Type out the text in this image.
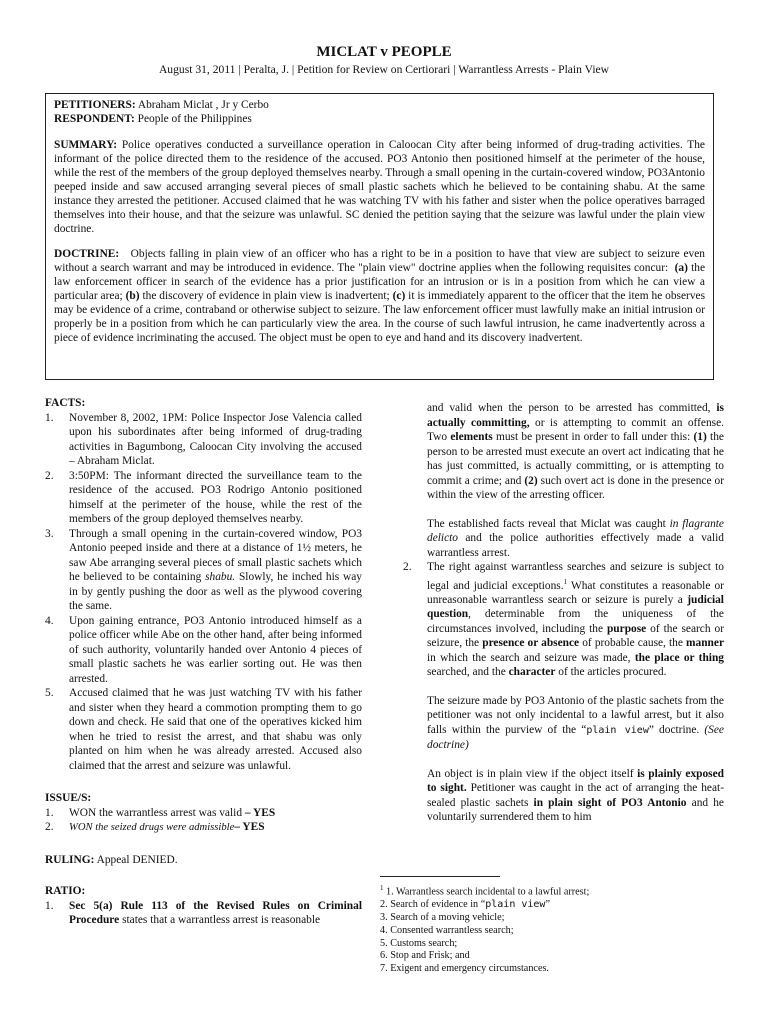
MICLAT v PEOPLE
August 31, 2011 | Peralta, J. | Petition for Review on Certiorari | Warrantless Arrests - Plain View

PETITIONERS: Abraham Miclat , Jr y Cerbo

RESPONDENT: People of the Philippines

SUMMARY: Police operatives conducted a surveillance operation in Caloocan City after being informed of drug-trading activities. The informant of the police directed them to the residence of the accused. PO3 Antonio then positioned himself at the perimeter of the house, while the rest of the members of the group deployed themselves nearby. Through a small opening in the curtain-covered window, PO3Antonio peeped inside and saw accused arranging several pieces of small plastic sachets which he believed to be containing shabu. At the same instance they arrested the petitioner. Accused claimed that he was watching TV with his father and sister when the police operatives barraged themselves into their house, and that the seizure was unlawful. SC denied the petition saying that the seizure was lawful under the plain view doctrine.

DOCTRINE: Objects falling in plain view of an officer who has a right to be in a position to have that view are subject to seizure even without a search warrant and may be introduced in evidence. The "plain view" doctrine applies when the following requisites concur: (a) the law enforcement officer in search of the evidence has a prior justification for an intrusion or is in a position from which he can view a particular area; (b) the discovery of evidence in plain view is inadvertent; (c) it is immediately apparent to the officer that the item he observes may be evidence of a crime, contraband or otherwise subject to seizure. The law enforcement officer must lawfully make an initial intrusion or properly be in a position from which he can particularly view the area. In the course of such lawful intrusion, he came inadvertently across a piece of evidence incriminating the accused. The object must be open to eye and hand and its discovery inadvertent.

FACTS:
1. November 8, 2002, 1PM: Police Inspector Jose Valencia called upon his subordinates after being informed of drug-trading activities in Bagumbong, Caloocan City involving the accused – Abraham Miclat.
2. 3:50PM: The informant directed the surveillance team to the residence of the accused. PO3 Rodrigo Antonio positioned himself at the perimeter of the house, while the rest of the members of the group deployed themselves nearby.
3. Through a small opening in the curtain-covered window, PO3 Antonio peeped inside and there at a distance of 1½ meters, he saw Abe arranging several pieces of small plastic sachets which he believed to be containing shabu. Slowly, he inched his way in by gently pushing the door as well as the plywood covering the same.
4. Upon gaining entrance, PO3 Antonio introduced himself as a police officer while Abe on the other hand, after being informed of such authority, voluntarily handed over Antonio 4 pieces of small plastic sachets he was earlier sorting out. He was then arrested.
5. Accused claimed that he was just watching TV with his father and sister when they heard a commotion prompting them to go down and check. He said that one of the operatives kicked him when he tried to resist the arrest, and that shabu was only planted on him when he was already arrested. Accused also claimed that the arrest and seizure was unlawful.
ISSUE/S:
1. WON the warrantless arrest was valid – YES
2. WON the seized drugs were admissible– YES
RULING: Appeal DENIED.
RATIO:
1. Sec 5(a) Rule 113 of the Revised Rules on Criminal Procedure states that a warrantless arrest is reasonable
and valid when the person to be arrested has committed, is actually committing, or is attempting to commit an offense. Two elements must be present in order to fall under this: (1) the person to be arrested must execute an overt act indicating that he has just committed, is actually committing, or is attempting to commit a crime; and (2) such overt act is done in the presence or within the view of the arresting officer.
The established facts reveal that Miclat was caught in flagrante delicto and the police authorities effectively made a valid warrantless arrest.
2. The right against warrantless searches and seizure is subject to legal and judicial exceptions.$^1$ What constitutes a reasonable or unreasonable warrantless search or seizure is purely a judicial question, determinable from the uniqueness of the circumstances involved, including the purpose of the search or seizure, the presence or absence of probable cause, the manner in which the search and seizure was made, the place or thing searched, and the character of the articles procured.
The seizure made by PO3 Antonio of the plastic sachets from the petitioner was not only incidental to a lawful arrest, but it also falls within the purview of the “plain view” doctrine. (See doctrine)
An object is in plain view if the object itself is plainly exposed to sight. Petitioner was caught in the act of arranging the heat-sealed plastic sachets in plain sight of PO3 Antonio and he voluntarily surrendered them to him
$^1$ 1. Warrantless search incidental to a lawful arrest;
2. Search of evidence in “plain view”
3. Search of a moving vehicle;
4. Consented warrantless search;
5. Customs search;
6. Stop and Frisk; and
7. Exigent and emergency circumstances.
